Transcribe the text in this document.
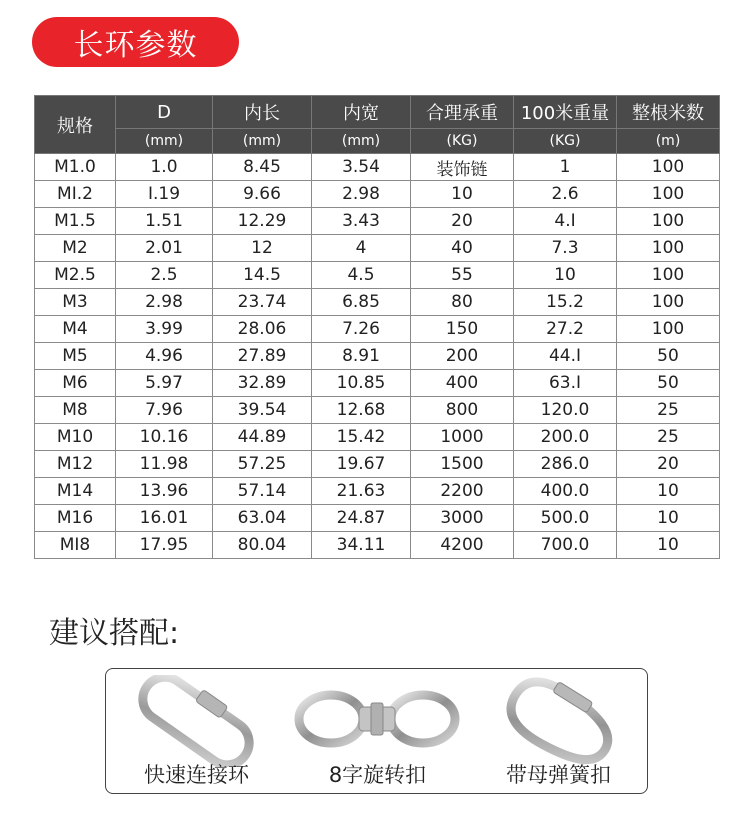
长环参数
规格	D	内长	内宽	合理承重	100米重量	整根米数
	(mm)	(mm)	(mm)	(KG)	(KG)	(m)
M1.0	1.0	8.45	3.54	装饰链	1	100
MI.2	I.19	9.66	2.98	10	2.6	100
M1.5	1.51	12.29	3.43	20	4.I	100
M2	2.01	12	4	40	7.3	100
M2.5	2.5	14.5	4.5	55	10	100
M3	2.98	23.74	6.85	80	15.2	100
M4	3.99	28.06	7.26	150	27.2	100
M5	4.96	27.89	8.91	200	44.I	50
M6	5.97	32.89	10.85	400	63.I	50
M8	7.96	39.54	12.68	800	120.0	25
M10	10.16	44.89	15.42	1000	200.0	25
M12	11.98	57.25	19.67	1500	286.0	20
M14	13.96	57.14	21.63	2200	400.0	10
M16	16.01	63.04	24.87	3000	500.0	10
MI8	17.95	80.04	34.11	4200	700.0	10
建议搭配:
快速连接环	8字旋转扣	带母弹簧扣
